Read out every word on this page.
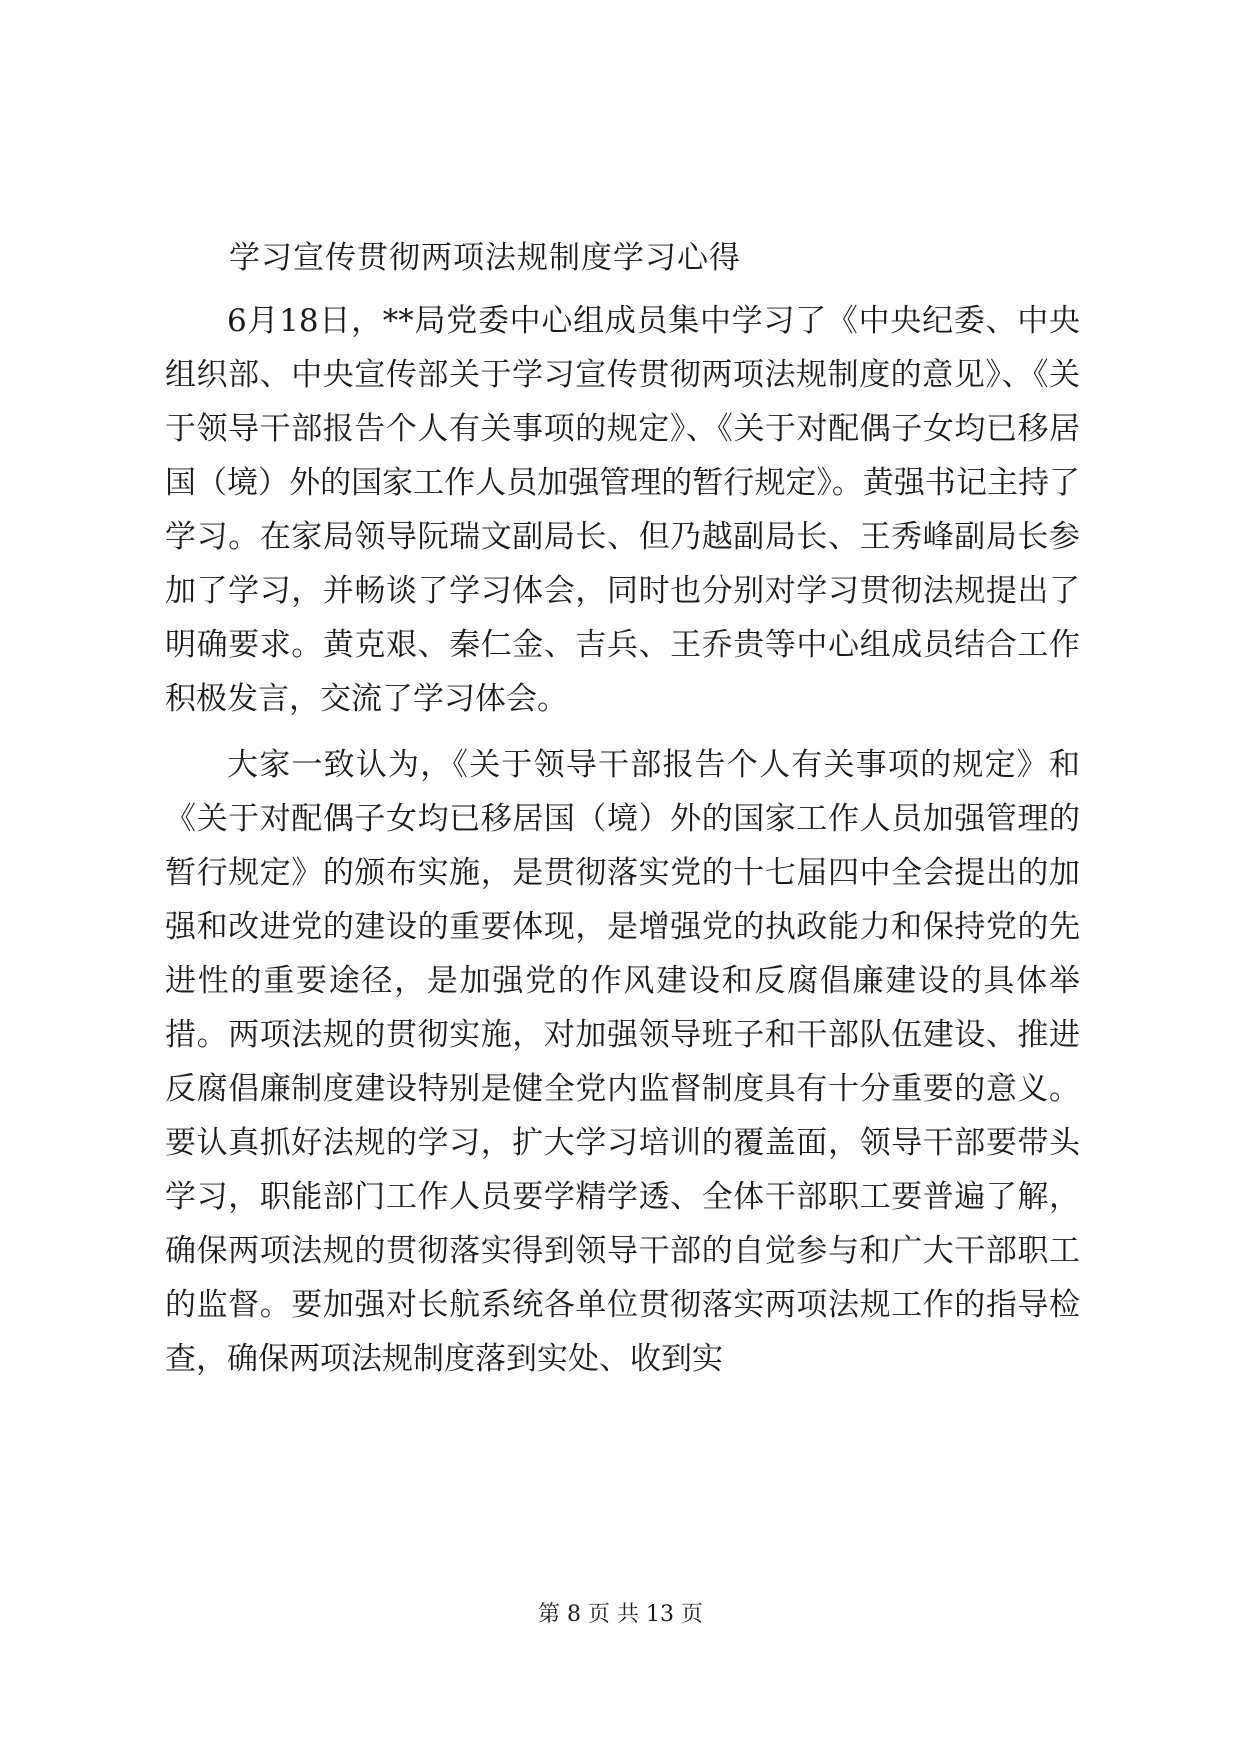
学习宣传贯彻两项法规制度学习心得

6月18日，**局党委中心组成员集中学习了《中央纪委、中央组织部、中央宣传部关于学习宣传贯彻两项法规制度的意见》、《关于领导干部报告个人有关事项的规定》、《关于对配偶子女均已移居国（境）外的国家工作人员加强管理的暂行规定》。黄强书记主持了学习。在家局领导阮瑞文副局长、但乃越副局长、王秀峰副局长参加了学习，并畅谈了学习体会，同时也分别对学习贯彻法规提出了明确要求。黄克艰、秦仁金、吉兵、王乔贵等中心组成员结合工作积极发言，交流了学习体会。

大家一致认为，《关于领导干部报告个人有关事项的规定》和《关于对配偶子女均已移居国（境）外的国家工作人员加强管理的暂行规定》的颁布实施，是贯彻落实党的十七届四中全会提出的加强和改进党的建设的重要体现，是增强党的执政能力和保持党的先进性的重要途径，是加强党的作风建设和反腐倡廉建设的具体举措。两项法规的贯彻实施，对加强领导班子和干部队伍建设、推进反腐倡廉制度建设特别是健全党内监督制度具有十分重要的意义。要认真抓好法规的学习，扩大学习培训的覆盖面，领导干部要带头学习，职能部门工作人员要学精学透、全体干部职工要普遍了解，确保两项法规的贯彻落实得到领导干部的自觉参与和广大干部职工的监督。要加强对长航系统各单位贯彻落实两项法规工作的指导检查，确保两项法规制度落到实处、收到实

第 8 页 共 13 页
